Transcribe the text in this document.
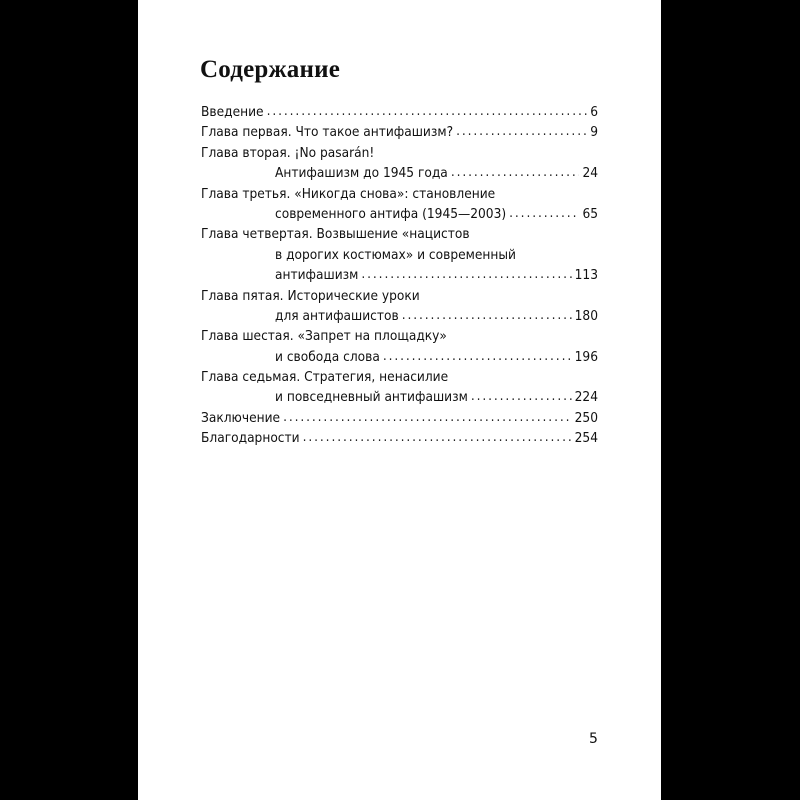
Содержание
Введение . . .	6
Глава первая. Что такое антифашизм? . . .	9
Глава вторая. ¡No pasarán!
Антифашизм до 1945 года . . .	24
Глава третья. «Никогда снова»: становление
современного антифа (1945—2003) . . .	65
Глава четвертая. Возвышение «нацистов
в дорогих костюмах» и современный
антифашизм . . .	113
Глава пятая. Исторические уроки
для антифашистов . . .	180
Глава шестая. «Запрет на площадку»
и свобода слова . . .	196
Глава седьмая. Стратегия, ненасилие
и повседневный антифашизм . . .	224
Заключение . . .	250
Благодарности . . .	254
5
